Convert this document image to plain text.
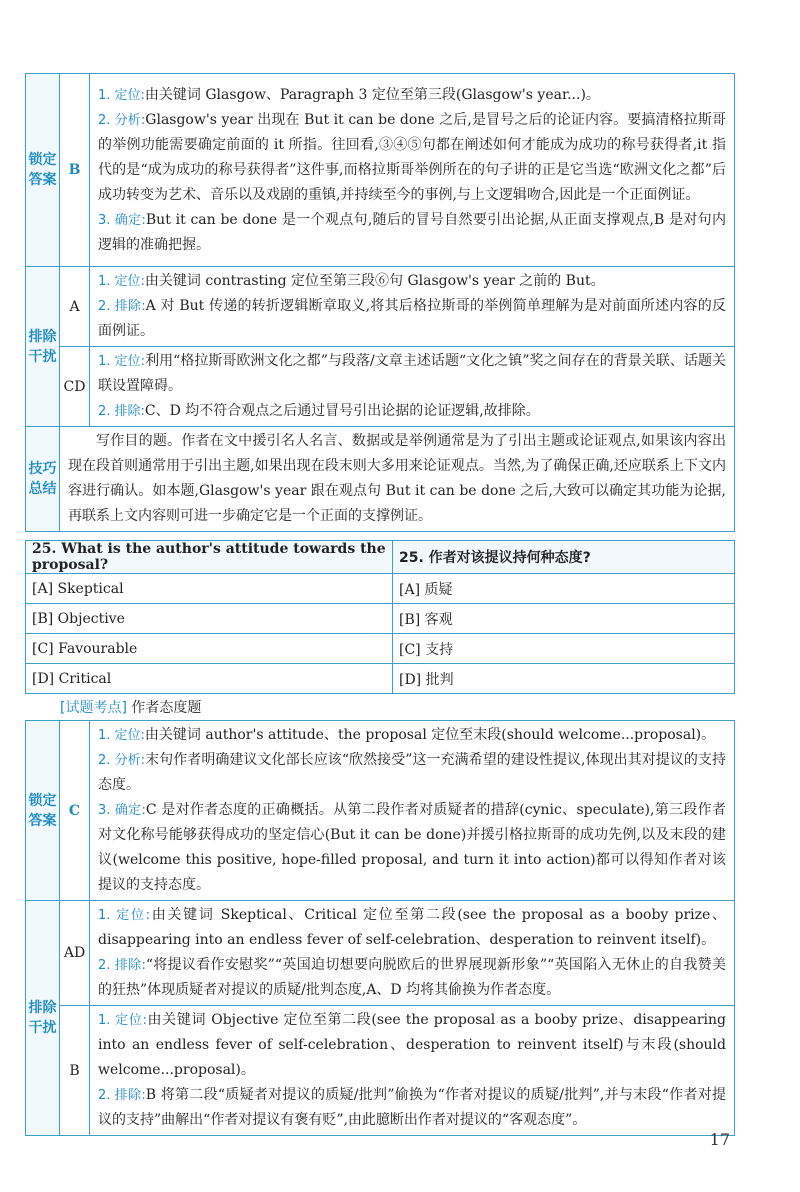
锁定答案	B	1. 定位:由关键词 Glasgow、Paragraph 3 定位至第三段(Glasgow's year...)。

2. 分析:Glasgow's year 出现在 But it can be done 之后,是冒号之后的论证内容。要搞清格拉斯哥的举例功能需要确定前面的 it 所指。往回看,③④⑤句都在阐述如何才能成为成功的称号获得者,it 指代的是“成为成功的称号获得者”这件事,而格拉斯哥举例所在的句子讲的正是它当选“欧洲文化之都”后成功转变为艺术、音乐以及戏剧的重镇,并持续至今的事例,与上文逻辑吻合,因此是一个正面例证。

3. 确定:But it can be done 是一个观点句,随后的冒号自然要引出论据,从正面支撑观点,B 是对句内逻辑的准确把握。

排除干扰	A	1. 定位:由关键词 contrasting 定位至第三段⑥句 Glasgow's year 之前的 But。

2. 排除:A 对 But 传递的转折逻辑断章取义,将其后格拉斯哥的举例简单理解为是对前面所述内容的反面例证。

	CD	1. 定位:利用“格拉斯哥欧洲文化之都”与段落/文章主述话题“文化之镇”奖之间存在的背景关联、话题关联设置障碍。

2. 排除:C、D 均不符合观点之后通过冒号引出论据的论证逻辑,故排除。

技巧总结	写作目的题。作者在文中援引名人名言、数据或是举例通常是为了引出主题或论证观点,如果该内容出现在段首则通常用于引出主题,如果出现在段末则大多用来论证观点。当然,为了确保正确,还应联系上下文内容进行确认。如本题,Glasgow's year 跟在观点句 But it can be done 之后,大致可以确定其功能为论据,再联系上文内容则可进一步确定它是一个正面的支撑例证。	
25. What is the author's attitude towards the proposal?	25. 作者对该提议持何种态度?
[A] Skeptical	[A] 质疑
[B] Objective	[B] 客观
[C] Favourable	[C] 支持
[D] Critical	[D] 批判
[试题考点] 作者态度题
锁定答案	C	1. 定位:由关键词 author's attitude、the proposal 定位至末段(should welcome...proposal)。

2. 分析:末句作者明确建议文化部长应该“欣然接受”这一充满希望的建设性提议,体现出其对提议的支持态度。

3. 确定:C 是对作者态度的正确概括。从第二段作者对质疑者的措辞(cynic、speculate),第三段作者对文化称号能够获得成功的坚定信心(But it can be done)并援引格拉斯哥的成功先例,以及末段的建议(welcome this positive, hope-filled proposal, and turn it into action)都可以得知作者对该提议的支持态度。

排除干扰	AD	1. 定位:由关键词 Skeptical、Critical 定位至第二段(see the proposal as a booby prize、disappearing into an endless fever of self-celebration、desperation to reinvent itself)。

2. 排除:“将提议看作安慰奖”“英国迫切想要向脱欧后的世界展现新形象”“英国陷入无休止的自我赞美的狂热”体现质疑者对提议的质疑/批判态度,A、D 均将其偷换为作者态度。

	B	1. 定位:由关键词 Objective 定位至第二段(see the proposal as a booby prize、disappearing into an endless fever of self-celebration、desperation to reinvent itself)与末段(should welcome...proposal)。

2. 排除:B 将第二段“质疑者对提议的质疑/批判”偷换为“作者对提议的质疑/批判”,并与末段“作者对提议的支持”曲解出“作者对提议有褒有贬”,由此臆断出作者对提议的“客观态度”。

17
